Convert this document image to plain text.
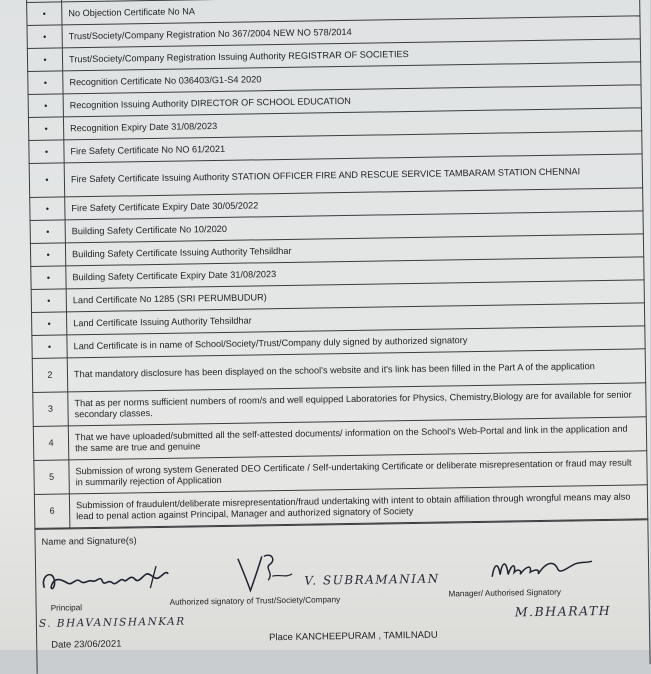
•	No Objection Certificate No NA
•	Trust/Society/Company Registration No 367/2004 NEW NO 578/2014
•	Trust/Society/Company Registration Issuing Authority REGISTRAR OF SOCIETIES
•	Recognition Certificate No 036403/G1-S4 2020
•	Recognition Issuing Authority DIRECTOR OF SCHOOL EDUCATION
•	Recognition Expiry Date 31/08/2023
•	Fire Safety Certificate No NO 61/2021
•	Fire Safety Certificate Issuing Authority STATION OFFICER FIRE AND RESCUE SERVICE TAMBARAM STATION CHENNAI
•	Fire Safety Certificate Expiry Date 30/05/2022
•	Building Safety Certificate No 10/2020
•	Building Safety Certificate Issuing Authority Tehsildhar
•	Building Safety Certificate Expiry Date 31/08/2023
•	Land Certificate No 1285 (SRI PERUMBUDUR)
•	Land Certificate Issuing Authority Tehsildhar
•	Land Certificate is in name of School/Society/Trust/Company duly signed by authorized signatory
2	That mandatory disclosure has been displayed on the school's website and it's link has been filled in the Part A of the application
3	That as per norms sufficient numbers of room/s and well equipped Laboratories for Physics, Chemistry,Biology are for available for senior secondary classes.
4	That we have uploaded/submitted all the self-attested documents/ information on the School's Web-Portal and link in the application and the same are true and genuine
5	Submission of wrong system Generated DEO Certificate / Self-undertaking Certificate or deliberate misrepresentation or fraud may result in summarily rejection of Application
6	Submission of fraudulent/deliberate misrepresentation/fraud undertaking with intent to obtain affiliation through wrongful means may also lead to penal action against Principal, Manager and authorized signatory of Society
Name and Signature(s)
V. SUBRAMANIAN
Principal
Authorized signatory of Trust/Society/Company
Manager/ Authorised Signatory
S. BHAVANISHANKAR
M.BHARATH
Date 23/06/2021
Place KANCHEEPURAM , TAMILNADU
